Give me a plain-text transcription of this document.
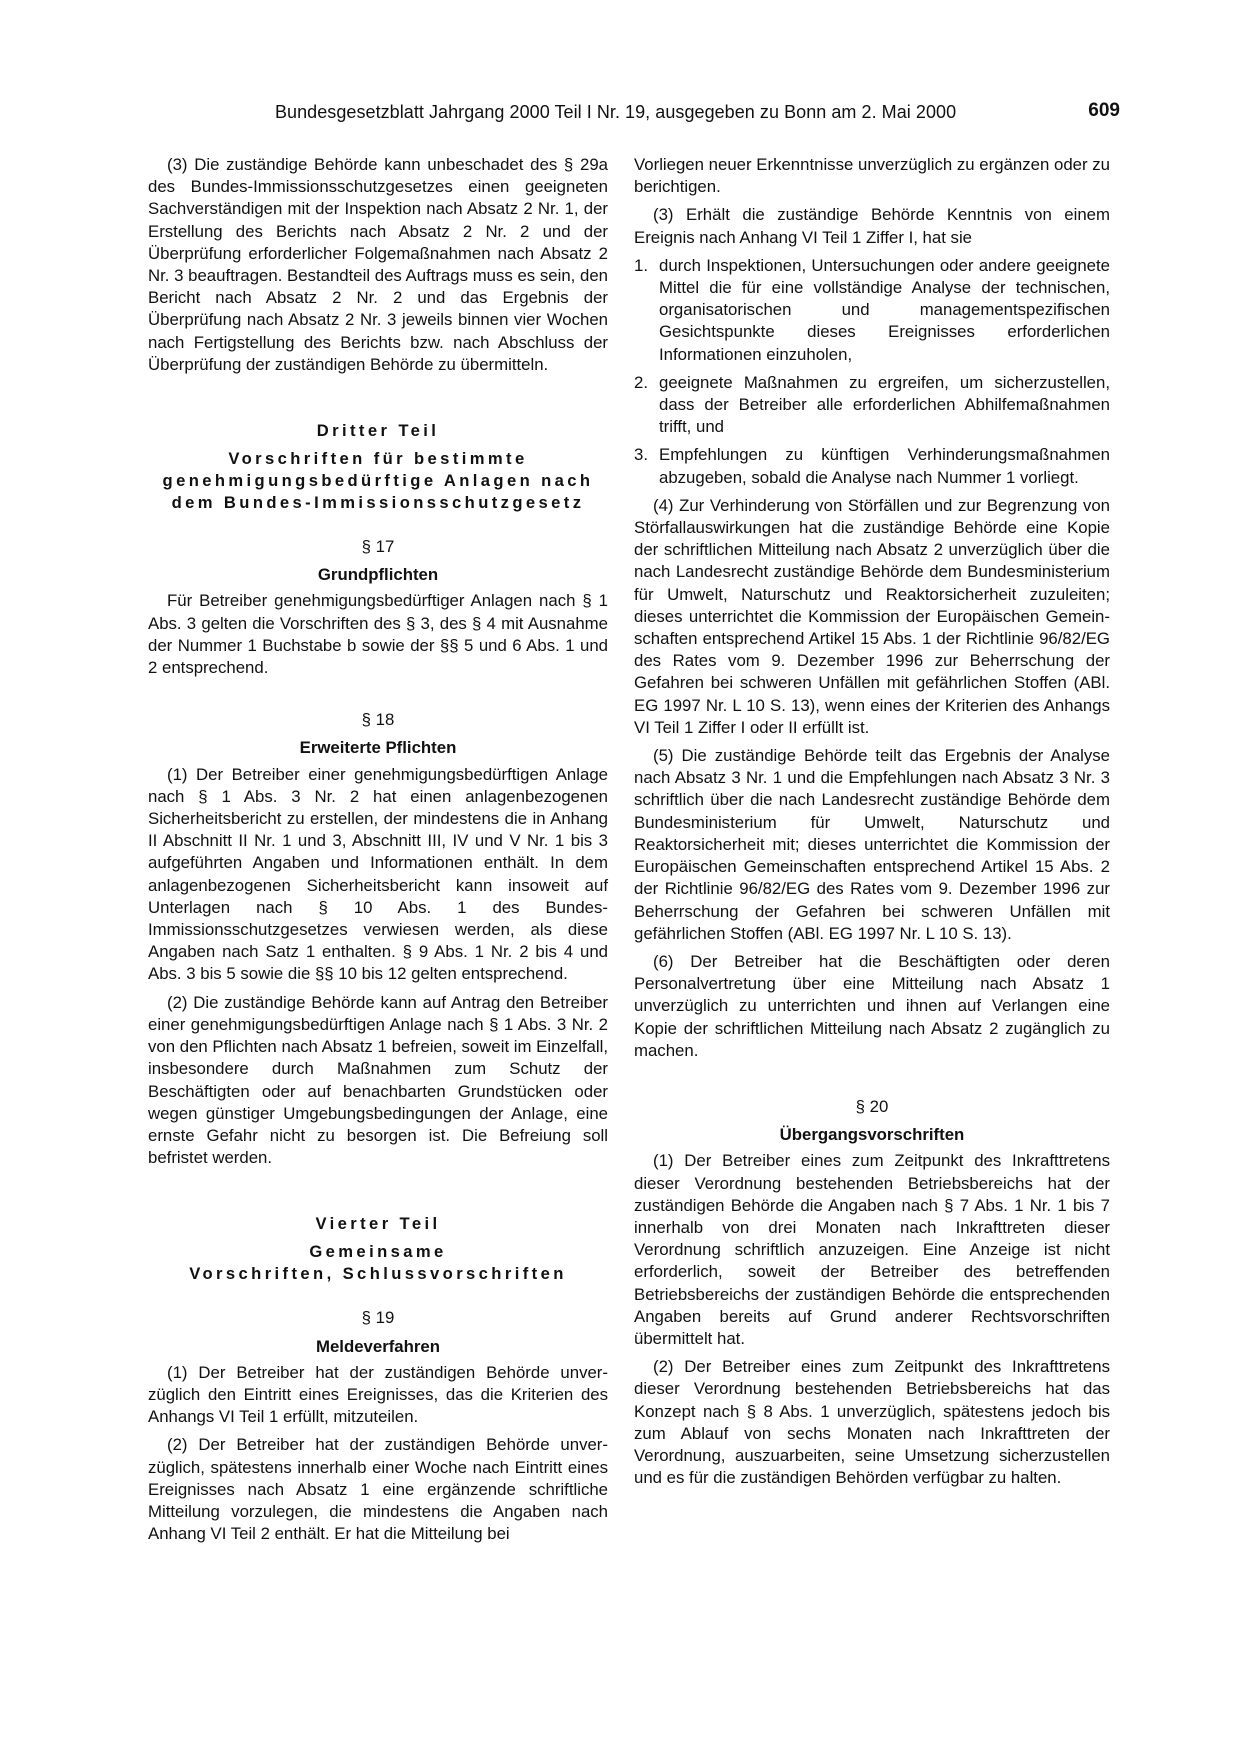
Bundesgesetzblatt Jahrgang 2000 Teil I Nr. 19, ausgegeben zu Bonn am 2. Mai 2000	609

(3) Die zuständige Behörde kann unbeschadet des § 29a des Bundes-Immissionsschutzgesetzes einen geeigneten Sachverständigen mit der Inspektion nach Absatz 2 Nr. 1, der Erstellung des Berichts nach Absatz 2 Nr. 2 und der Überprüfung erforderlicher Folgemaßnahmen nach Absatz 2 Nr. 3 beauftragen. Bestandteil des Auftrags muss es sein, den Bericht nach Absatz 2 Nr. 2 und das Ergebnis der Überprüfung nach Absatz 2 Nr. 3 jeweils binnen vier Wochen nach Fertigstellung des Berichts bzw. nach Abschluss der Überprüfung der zuständigen Behörde zu übermitteln.

Dritter Teil
Vorschriften für bestimmte
genehmigungsbedürftige Anlagen nach
dem Bundes-Immissionsschutzgesetz
§ 17
Grundpflichten

Für Betreiber genehmigungsbedürftiger Anlagen nach § 1 Abs. 3 gelten die Vorschriften des § 3, des § 4 mit Ausnahme der Nummer 1 Buchstabe b sowie der §§ 5 und 6 Abs. 1 und 2 entsprechend.

§ 18
Erweiterte Pflichten

(1) Der Betreiber einer genehmigungsbedürftigen Anlage nach § 1 Abs. 3 Nr. 2 hat einen anlagenbezogenen Sicherheitsbericht zu erstellen, der mindestens die in Anhang II Abschnitt II Nr. 1 und 3, Abschnitt III, IV und V Nr. 1 bis 3 aufgeführten Angaben und Informationen enthält. In dem anlagenbezogenen Sicherheitsbericht kann insoweit auf Unterlagen nach § 10 Abs. 1 des Bundes-Immissionsschutzgesetzes verwiesen werden, als diese Angaben nach Satz 1 enthalten. § 9 Abs. 1 Nr. 2 bis 4 und Abs. 3 bis 5 sowie die §§ 10 bis 12 gelten entsprechend.

(2) Die zuständige Behörde kann auf Antrag den Betreiber einer genehmigungsbedürftigen Anlage nach § 1 Abs. 3 Nr. 2 von den Pflichten nach Absatz 1 befreien, soweit im Einzelfall, insbesondere durch Maßnahmen zum Schutz der Beschäftigten oder auf benachbarten Grundstücken oder wegen günstiger Umgebungsbedingungen der Anlage, eine ernste Gefahr nicht zu besorgen ist. Die Befreiung soll befristet werden.

Vierter Teil
Gemeinsame
Vorschriften, Schlussvorschriften
§ 19
Meldeverfahren

(1) Der Betreiber hat der zuständigen Behörde unverzüglich den Eintritt eines Ereignisses, das die Kriterien des Anhangs VI Teil 1 erfüllt, mitzuteilen.

(2) Der Betreiber hat der zuständigen Behörde unverzüglich, spätestens innerhalb einer Woche nach Eintritt eines Ereignisses nach Absatz 1 eine ergänzende schriftliche Mitteilung vorzulegen, die mindestens die Angaben nach Anhang VI Teil 2 enthält. Er hat die Mitteilung bei

Vorliegen neuer Erkenntnisse unverzüglich zu ergänzen oder zu berichtigen.

(3) Erhält die zuständige Behörde Kenntnis von einem Ereignis nach Anhang VI Teil 1 Ziffer I, hat sie

1. durch Inspektionen, Untersuchungen oder andere geeignete Mittel die für eine vollständige Analyse der technischen, organisatorischen und managementspezifischen Gesichtspunkte dieses Ereignisses erforderlichen Informationen einzuholen,
2. geeignete Maßnahmen zu ergreifen, um sicherzustellen, dass der Betreiber alle erforderlichen Abhilfemaßnahmen trifft, und
3. Empfehlungen zu künftigen Verhinderungsmaßnahmen abzugeben, sobald die Analyse nach Nummer 1 vorliegt.

(4) Zur Verhinderung von Störfällen und zur Begrenzung von Störfallauswirkungen hat die zuständige Behörde eine Kopie der schriftlichen Mitteilung nach Absatz 2 unverzüglich über die nach Landesrecht zuständige Behörde dem Bundesministerium für Umwelt, Naturschutz und Reaktorsicherheit zuzuleiten; dieses unterrichtet die Kommission der Europäischen Gemeinschaften entsprechend Artikel 15 Abs. 1 der Richtlinie 96/82/EG des Rates vom 9. Dezember 1996 zur Beherrschung der Gefahren bei schweren Unfällen mit gefährlichen Stoffen (ABl. EG 1997 Nr. L 10 S. 13), wenn eines der Kriterien des Anhangs VI Teil 1 Ziffer I oder II erfüllt ist.

(5) Die zuständige Behörde teilt das Ergebnis der Analyse nach Absatz 3 Nr. 1 und die Empfehlungen nach Absatz 3 Nr. 3 schriftlich über die nach Landesrecht zuständige Behörde dem Bundesministerium für Umwelt, Naturschutz und Reaktorsicherheit mit; dieses unterrichtet die Kommission der Europäischen Gemeinschaften entsprechend Artikel 15 Abs. 2 der Richtlinie 96/82/EG des Rates vom 9. Dezember 1996 zur Beherrschung der Gefahren bei schweren Unfällen mit gefährlichen Stoffen (ABl. EG 1997 Nr. L 10 S. 13).

(6) Der Betreiber hat die Beschäftigten oder deren Personalvertretung über eine Mitteilung nach Absatz 1 unverzüglich zu unterrichten und ihnen auf Verlangen eine Kopie der schriftlichen Mitteilung nach Absatz 2 zugänglich zu machen.

§ 20
Übergangsvorschriften

(1) Der Betreiber eines zum Zeitpunkt des Inkrafttretens dieser Verordnung bestehenden Betriebsbereichs hat der zuständigen Behörde die Angaben nach § 7 Abs. 1 Nr. 1 bis 7 innerhalb von drei Monaten nach Inkrafttreten dieser Verordnung schriftlich anzuzeigen. Eine Anzeige ist nicht erforderlich, soweit der Betreiber des betreffenden Betriebsbereichs der zuständigen Behörde die entsprechenden Angaben bereits auf Grund anderer Rechtsvorschriften übermittelt hat.

(2) Der Betreiber eines zum Zeitpunkt des Inkrafttretens dieser Verordnung bestehenden Betriebsbereichs hat das Konzept nach § 8 Abs. 1 unverzüglich, spätestens jedoch bis zum Ablauf von sechs Monaten nach Inkrafttreten der Verordnung, auszuarbeiten, seine Umsetzung sicherzustellen und es für die zuständigen Behörden verfügbar zu halten.
